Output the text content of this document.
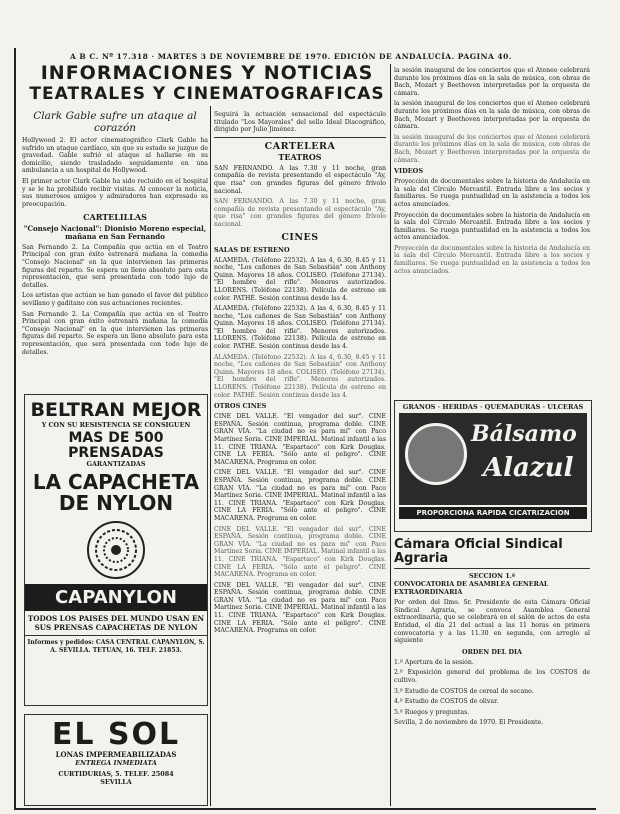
A B C. Nº 17.318 · MARTES 3 DE NOVIEMBRE DE 1970. EDICIÓN DE ANDALUCÍA. PAGINA 40.
INFORMACIONES Y NOTICIAS
TEATRALES Y CINEMATOGRAFICAS
Clark Gable sufre un ataque al corazón
Hollywood 2. El actor cinematográfico Clark Gable ha sufrido un ataque cardíaco, sin que su estado se juzgue de gravedad. Gable sufrió el ataque al hallarse en su domicilio, siendo trasladado seguidamente en una ambulancia a un hospital de Hollywood.
El primer actor Clark Gable ha sido recluido en el hospital y se le ha prohibido recibir visitas. Al conocer la noticia, sus numerosos amigos y admiradores han expresado su preocupación.
CARTELILLAS
"Consejo Nacional": Dionisio Moreno especial, mañana en San Fernando
San Fernando 2. La Compañía que actúa en el Teatro Principal con gran éxito estrenará mañana la comedia "Consejo Nacional" en la que intervienen las primeras figuras del reparto. Se espera un lleno absoluto para esta representación, que será presentada con todo lujo de detalles.
Los artistas que actúan se han ganado el favor del público sevillano y gaditano con sus actuaciones recientes.
San Fernando 2. La Compañía que actúa en el Teatro Principal con gran éxito estrenará mañana la comedia "Consejo Nacional" en la que intervienen las primeras figuras del reparto. Se espera un lleno absoluto para esta representación, que será presentada con todo lujo de detalles.
BELTRAN MEJOR
Y CON SU RESISTENCIA SE CONSIGUEN
MAS DE 500 PRENSADAS
GARANTIZADAS
LA CAPACHETA
DE NYLON
CAPANYLON
TODOS LOS PAISES DEL MUNDO USAN EN SUS PRENSAS CAPACHETAS DE NYLON
Informes y pedidos: CASA CENTRAL CAPANYLON, S. A. SEVILLA. TETUAN, 16. TELF. 21853.
EL SOL
LONAS IMPERMEABILIZADAS
ENTREGA INMEDIATA
CURTIDURIAS, 5. TELEF. 25084
SEVILLA
Seguirá la actuación sensacional del espectáculo titulado "Los Mayorales" del sello Ideal Discográfico, dirigido por Julio Jiménez.
CARTELERA
TEATROS
SAN FERNANDO. A las 7.30 y 11 noche, gran compañía de revista presentando el espectáculo "Ay, que risa" con grandes figuras del género frívolo nacional.
SAN FERNANDO. A las 7.30 y 11 noche, gran compañía de revista presentando el espectáculo "Ay, que risa" con grandes figuras del género frívolo nacional.
CINES
SALAS DE ESTRENO
ALAMEDA. (Teléfono 22532). A las 4, 6.30, 8.45 y 11 noche, "Los cañones de San Sebastián" con Anthony Quinn. Mayores 18 años. COLISEO. (Teléfono 27134). "El hombre del rifle". Menores autorizados. LLORENS. (Teléfono 22138). Película de estreno en color. PATHÉ. Sesión continua desde las 4.
ALAMEDA. (Teléfono 22532). A las 4, 6.30, 8.45 y 11 noche, "Los cañones de San Sebastián" con Anthony Quinn. Mayores 18 años. COLISEO. (Teléfono 27134). "El hombre del rifle". Menores autorizados. LLORENS. (Teléfono 22138). Película de estreno en color. PATHÉ. Sesión continua desde las 4.
ALAMEDA. (Teléfono 22532). A las 4, 6.30, 8.45 y 11 noche, "Los cañones de San Sebastián" con Anthony Quinn. Mayores 18 años. COLISEO. (Teléfono 27134). "El hombre del rifle". Menores autorizados. LLORENS. (Teléfono 22138). Película de estreno en color. PATHÉ. Sesión continua desde las 4.
OTROS CINES
CINE DEL VALLE. "El vengador del sur". CINE ESPAÑA. Sesión continua, programa doble. CINE GRAN VÍA. "La ciudad no es para mí" con Paco Martínez Soria. CINE IMPERIAL. Matinal infantil a las 11. CINE TRIANA. "Espartaco" con Kirk Douglas. CINE LA FERIA. "Sólo ante el peligro". CINE MACARENA. Programa en color.
CINE DEL VALLE. "El vengador del sur". CINE ESPAÑA. Sesión continua, programa doble. CINE GRAN VÍA. "La ciudad no es para mí" con Paco Martínez Soria. CINE IMPERIAL. Matinal infantil a las 11. CINE TRIANA. "Espartaco" con Kirk Douglas. CINE LA FERIA. "Sólo ante el peligro". CINE MACARENA. Programa en color.
CINE DEL VALLE. "El vengador del sur". CINE ESPAÑA. Sesión continua, programa doble. CINE GRAN VÍA. "La ciudad no es para mí" con Paco Martínez Soria. CINE IMPERIAL. Matinal infantil a las 11. CINE TRIANA. "Espartaco" con Kirk Douglas. CINE LA FERIA. "Sólo ante el peligro". CINE MACARENA. Programa en color.
CINE DEL VALLE. "El vengador del sur". CINE ESPAÑA. Sesión continua, programa doble. CINE GRAN VÍA. "La ciudad no es para mí" con Paco Martínez Soria. CINE IMPERIAL. Matinal infantil a las 11. CINE TRIANA. "Espartaco" con Kirk Douglas. CINE LA FERIA. "Sólo ante el peligro". CINE MACARENA. Programa en color.
la sesión inaugural de los conciertos que el Ateneo celebrará durante los próximos días en la sala de música, con obras de Bach, Mozart y Beethoven interpretadas por la orquesta de cámara.
la sesión inaugural de los conciertos que el Ateneo celebrará durante los próximos días en la sala de música, con obras de Bach, Mozart y Beethoven interpretadas por la orquesta de cámara.
la sesión inaugural de los conciertos que el Ateneo celebrará durante los próximos días en la sala de música, con obras de Bach, Mozart y Beethoven interpretadas por la orquesta de cámara.
VIDEOS
Proyección de documentales sobre la historia de Andalucía en la sala del Círculo Mercantil. Entrada libre a los socios y familiares. Se ruega puntualidad en la asistencia a todos los actos anunciados.
Proyección de documentales sobre la historia de Andalucía en la sala del Círculo Mercantil. Entrada libre a los socios y familiares. Se ruega puntualidad en la asistencia a todos los actos anunciados.
Proyección de documentales sobre la historia de Andalucía en la sala del Círculo Mercantil. Entrada libre a los socios y familiares. Se ruega puntualidad en la asistencia a todos los actos anunciados.
GRANOS · HERIDAS · QUEMADURAS · ULCERAS
Bálsamo
Alazul
PROPORCIONA RAPIDA CICATRIZACION
Cámara Oficial Sindical Agraria
SECCION 1.ª
CONVOCATORIA DE ASAMBLEA GENERAL EXTRAORDINARIA
Por orden del Ilmo. Sr. Presidente de esta Cámara Oficial Sindical Agraria, se convoca Asamblea General extraordinaria, que se celebrará en el salón de actos de esta Entidad, el día 21 del actual a las 11 horas en primera convocatoria y a las 11.30 en segunda, con arreglo al siguiente
ORDEN DEL DIA
1.º Apertura de la sesión.
2.º Exposición general del problema de los COSTOS de cultivo.
3.º Estudio de COSTOS de cereal de secano.
4.º Estudio de COSTOS de olivar.
5.º Ruegos y preguntas.
Sevilla, 2 de noviembre de 1970. El Presidente.
